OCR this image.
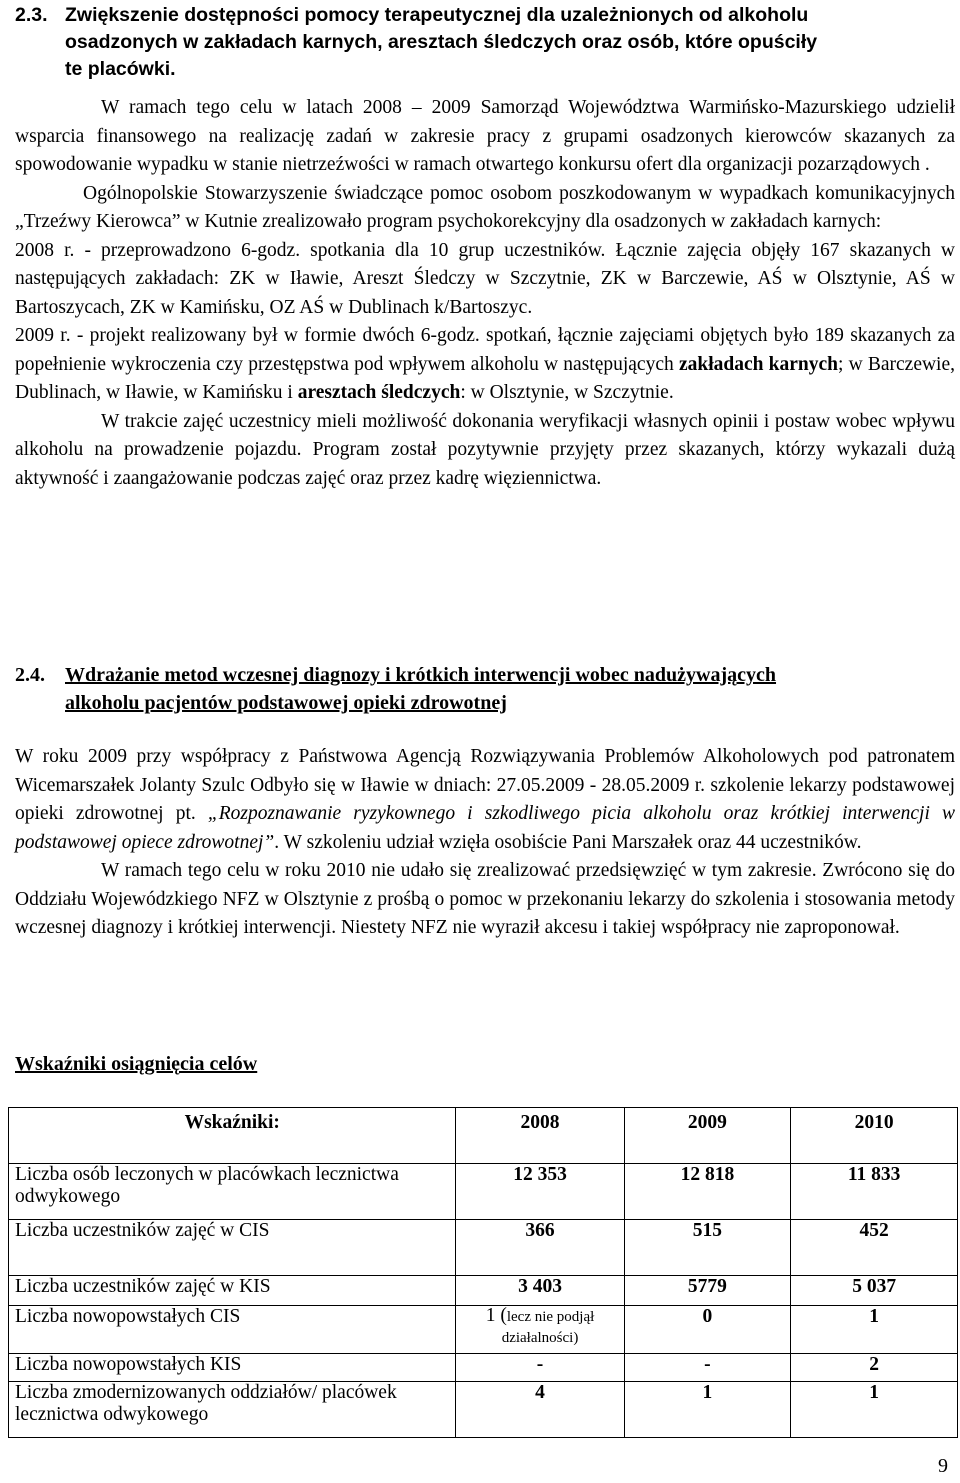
2.3. Zwiększenie dostępności pomocy terapeutycznej dla uzależnionych od alkoholu
osadzonych w zakładach karnych, aresztach śledczych oraz osób, które opuściły
te placówki.

W ramach tego celu w latach 2008 – 2009 Samorząd Województwa Warmińsko-Mazurskiego udzielił wsparcia finansowego na realizację zadań w zakresie pracy z grupami osadzonych kierowców skazanych za spowodowanie wypadku w stanie nietrzeźwości w ramach otwartego konkursu ofert dla organizacji pozarządowych .

Ogólnopolskie Stowarzyszenie świadczące pomoc osobom poszkodowanym w wypadkach komunikacyjnych „Trzeźwy Kierowca” w Kutnie zrealizowało program psychokorekcyjny dla osadzonych w zakładach karnych:

2008 r. - przeprowadzono 6-godz. spotkania dla 10 grup uczestników. Łącznie zajęcia objęły 167 skazanych w następujących zakładach: ZK w Iławie, Areszt Śledczy w Szczytnie, ZK w Barczewie, AŚ w Olsztynie, AŚ w Bartoszycach, ZK w Kamińsku, OZ AŚ w Dublinach k/Bartoszyc.

2009 r. - projekt realizowany był w formie dwóch 6-godz. spotkań, łącznie zajęciami objętych było 189 skazanych za popełnienie wykroczenia czy przestępstwa pod wpływem alkoholu w następujących zakładach karnych; w Barczewie, Dublinach, w Iławie, w Kamińsku i aresztach śledczych: w Olsztynie, w Szczytnie.

W trakcie zajęć uczestnicy mieli możliwość dokonania weryfikacji własnych opinii i postaw wobec wpływu alkoholu na prowadzenie pojazdu. Program został pozytywnie przyjęty przez skazanych, którzy wykazali dużą aktywność i zaangażowanie podczas zajęć oraz przez kadrę więziennictwa.

2.4. Wdrażanie metod wczesnej diagnozy i krótkich interwencji wobec nadużywających
alkoholu pacjentów podstawowej opieki zdrowotnej

W roku 2009 przy współpracy z Państwowa Agencją Rozwiązywania Problemów Alkoholowych pod patronatem Wicemarszałek Jolanty Szulc Odbyło się w Iławie w dniach: 27.05.2009 - 28.05.2009 r. szkolenie lekarzy podstawowej opieki zdrowotnej pt. „Rozpoznawanie ryzykownego i szkodliwego picia alkoholu oraz krótkiej interwencji w podstawowej opiece zdrowotnej”. W szkoleniu udział wzięła osobiście Pani Marszałek oraz 44 uczestników.

W ramach tego celu w roku 2010 nie udało się zrealizować przedsięwzięć w tym zakresie. Zwrócono się do Oddziału Wojewódzkiego NFZ w Olsztynie z prośbą o pomoc w przekonaniu lekarzy do szkolenia i stosowania metody wczesnej diagnozy i krótkiej interwencji. Niestety NFZ nie wyraził akcesu i takiej współpracy nie zaproponował.

Wskaźniki osiągnięcia celów
Wskaźniki:	2008	2009	2010
Liczba osób leczonych w placówkach lecznictwa odwykowego	12 353	12 818	11 833
Liczba uczestników zajęć w CIS	366	515	452
Liczba uczestników zajęć w KIS	3 403	5779	5 037
Liczba nowopowstałych CIS	1 (lecz nie podjął działalności)	0	1
Liczba nowopowstałych KIS	-	-	2
Liczba zmodernizowanych oddziałów/ placówek lecznictwa odwykowego	4	1	1
9
